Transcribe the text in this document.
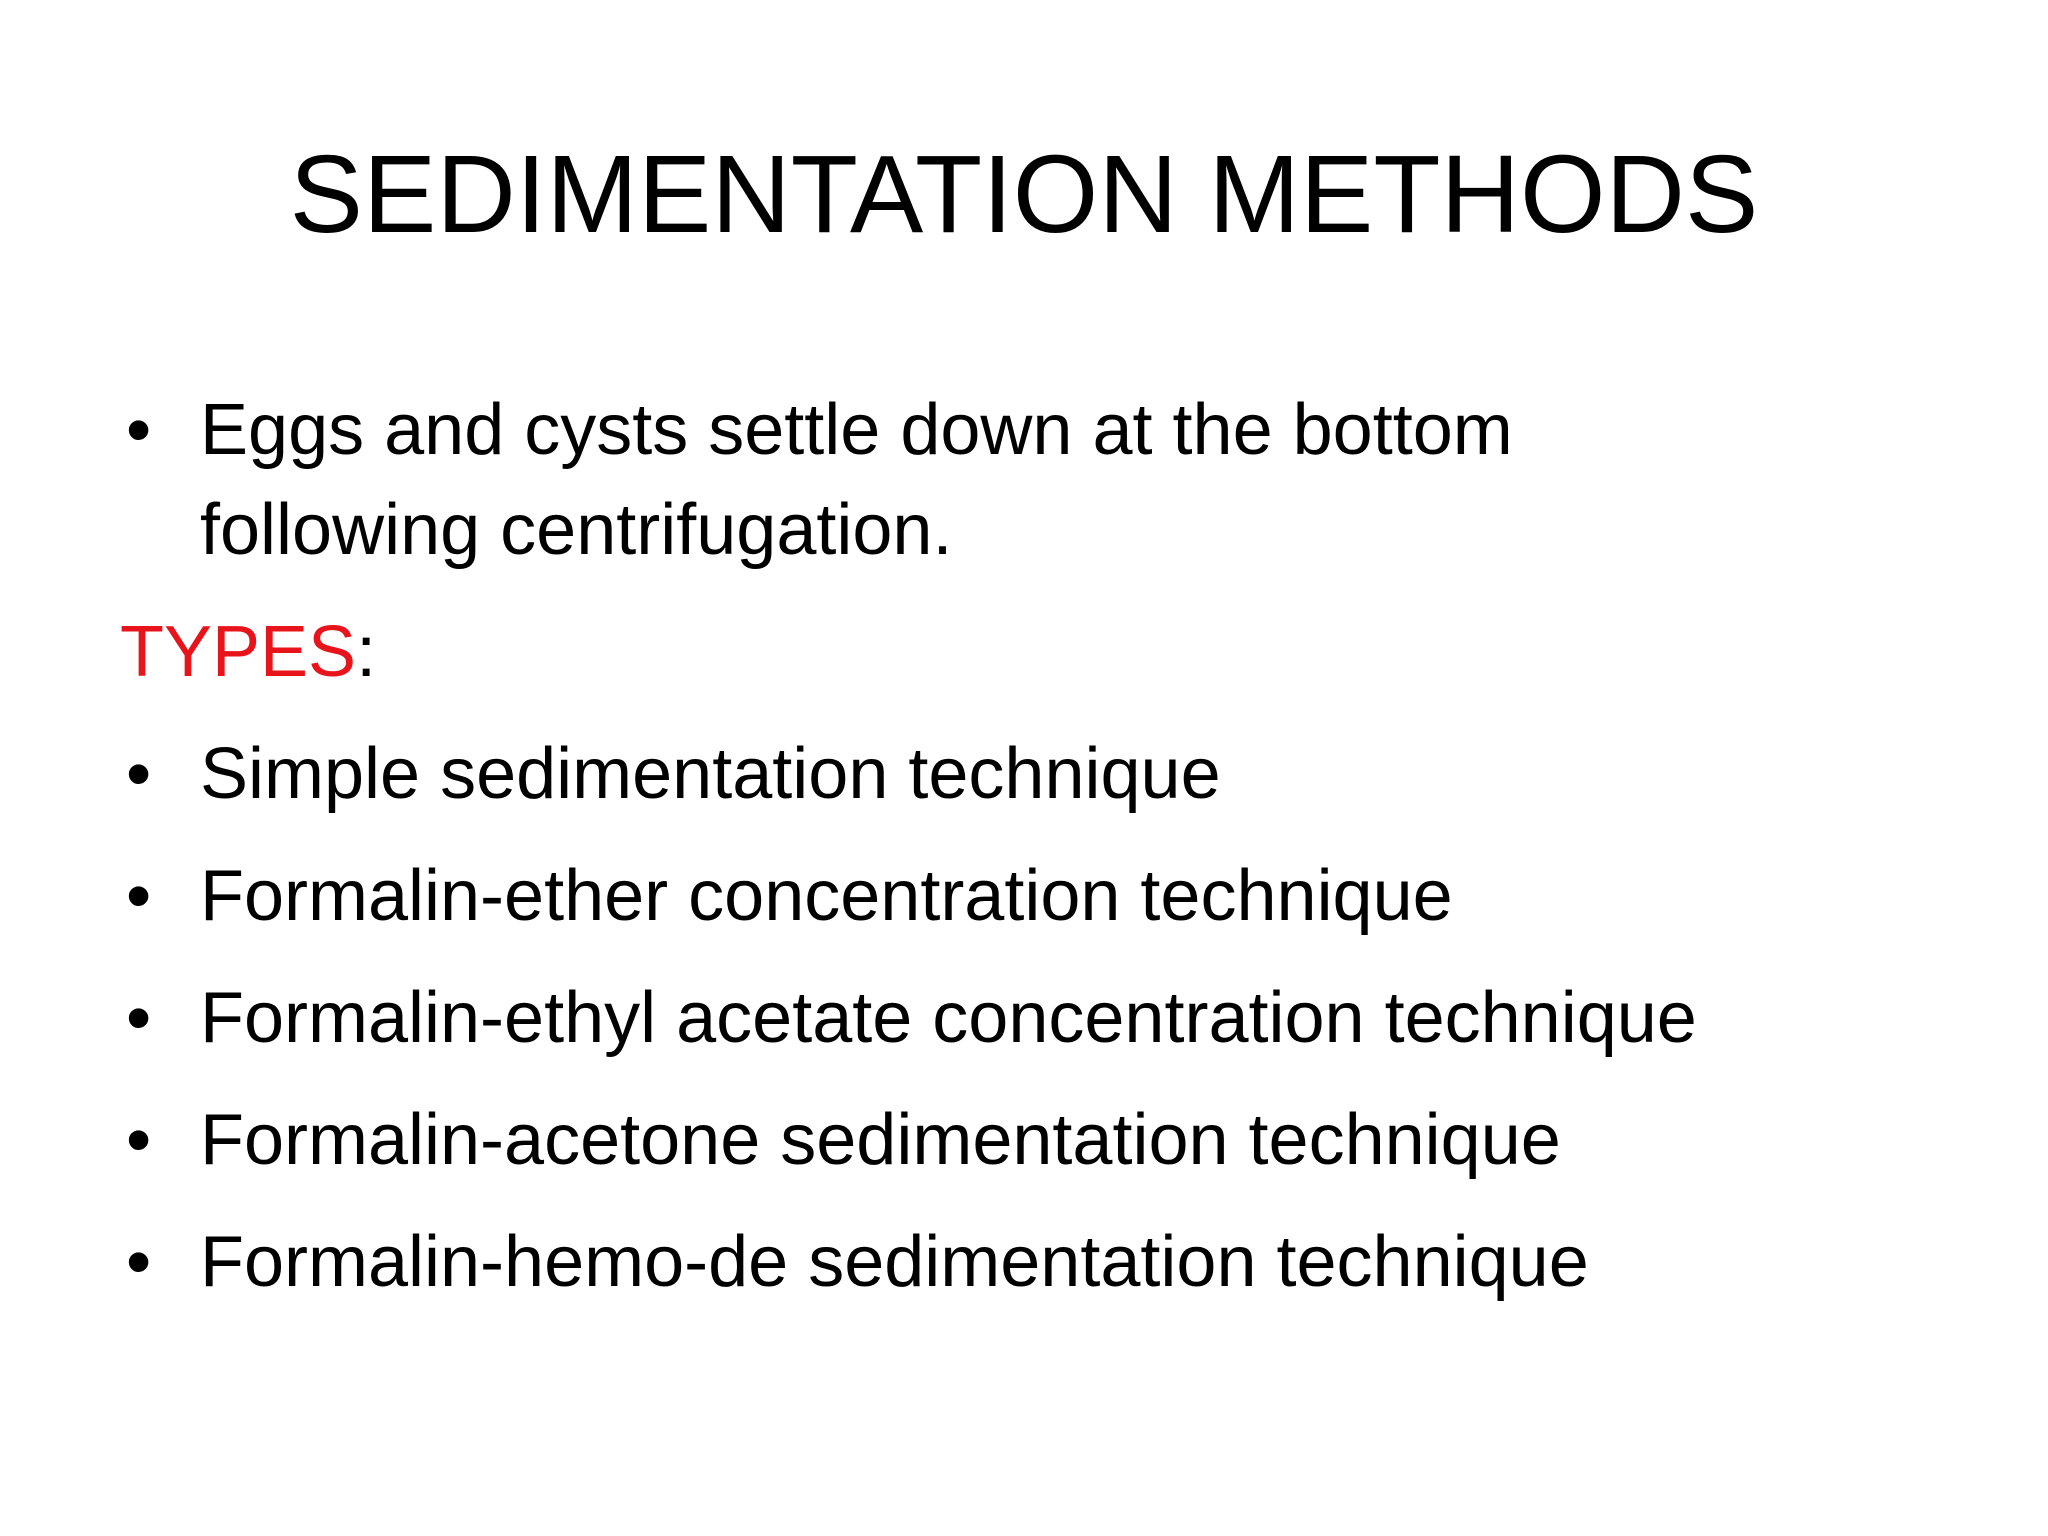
SEDIMENTATION METHODS
• Eggs and cysts settle down at the bottom following centrifugation.
TYPES:
• Simple sedimentation technique
• Formalin-ether concentration technique
• Formalin-ethyl acetate concentration technique
• Formalin-acetone sedimentation technique
• Formalin-hemo-de sedimentation technique
